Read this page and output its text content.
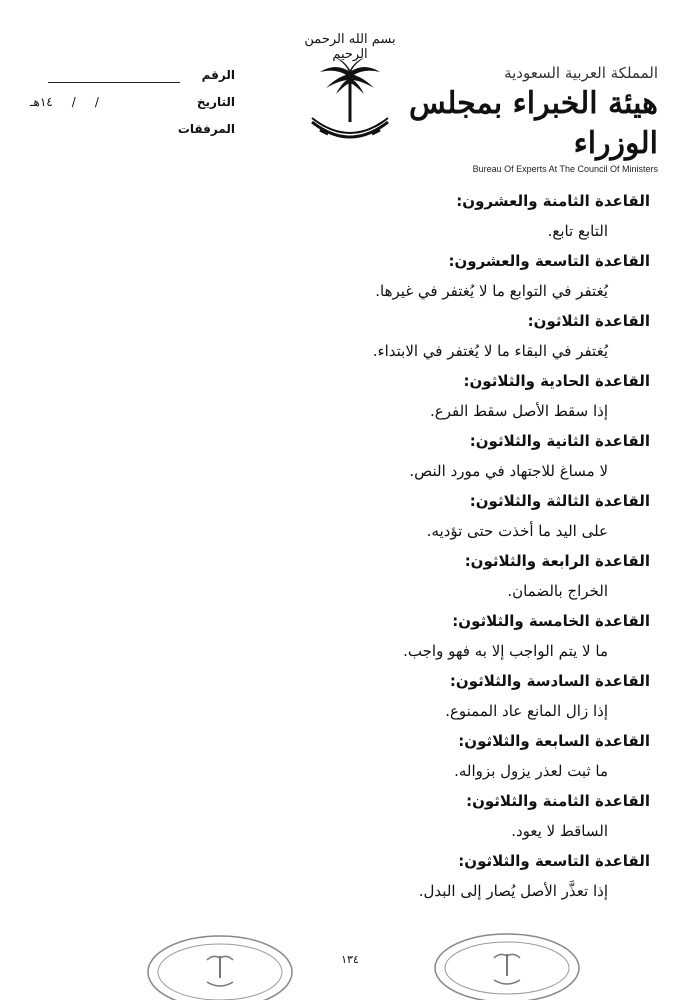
الرقم
التاريخ
/     /     ١٤هـ
المرفقات
بسم الله الرحمن الرحيم
المملكة العربية السعودية
هيئة الخبراء بمجلس الوزراء
Bureau Of Experts At The Council Of Ministers
القاعدة الثامنة والعشرون:
التابع تابع.
القاعدة التاسعة والعشرون:
يُغتفر في التوابع ما لا يُغتفر في غيرها.
القاعدة الثلاثون:
يُغتفر في البقاء ما لا يُغتفر في الابتداء.
القاعدة الحادية والثلاثون:
إذا سقط الأصل سقط الفرع.
القاعدة الثانية والثلاثون:
لا مساغ للاجتهاد في مورد النص.
القاعدة الثالثة والثلاثون:
على اليد ما أخذت حتى تؤديه.
القاعدة الرابعة والثلاثون:
الخراج بالضمان.
القاعدة الخامسة والثلاثون:
ما لا يتم الواجب إلا به فهو واجب.
القاعدة السادسة والثلاثون:
إذا زال المانع عاد الممنوع.
القاعدة السابعة والثلاثون:
ما ثبت لعذر يزول بزواله.
القاعدة الثامنة والثلاثون:
الساقط لا يعود.
القاعدة التاسعة والثلاثون:
إذا تعذَّر الأصل يُصار إلى البدل.
١٣٤
